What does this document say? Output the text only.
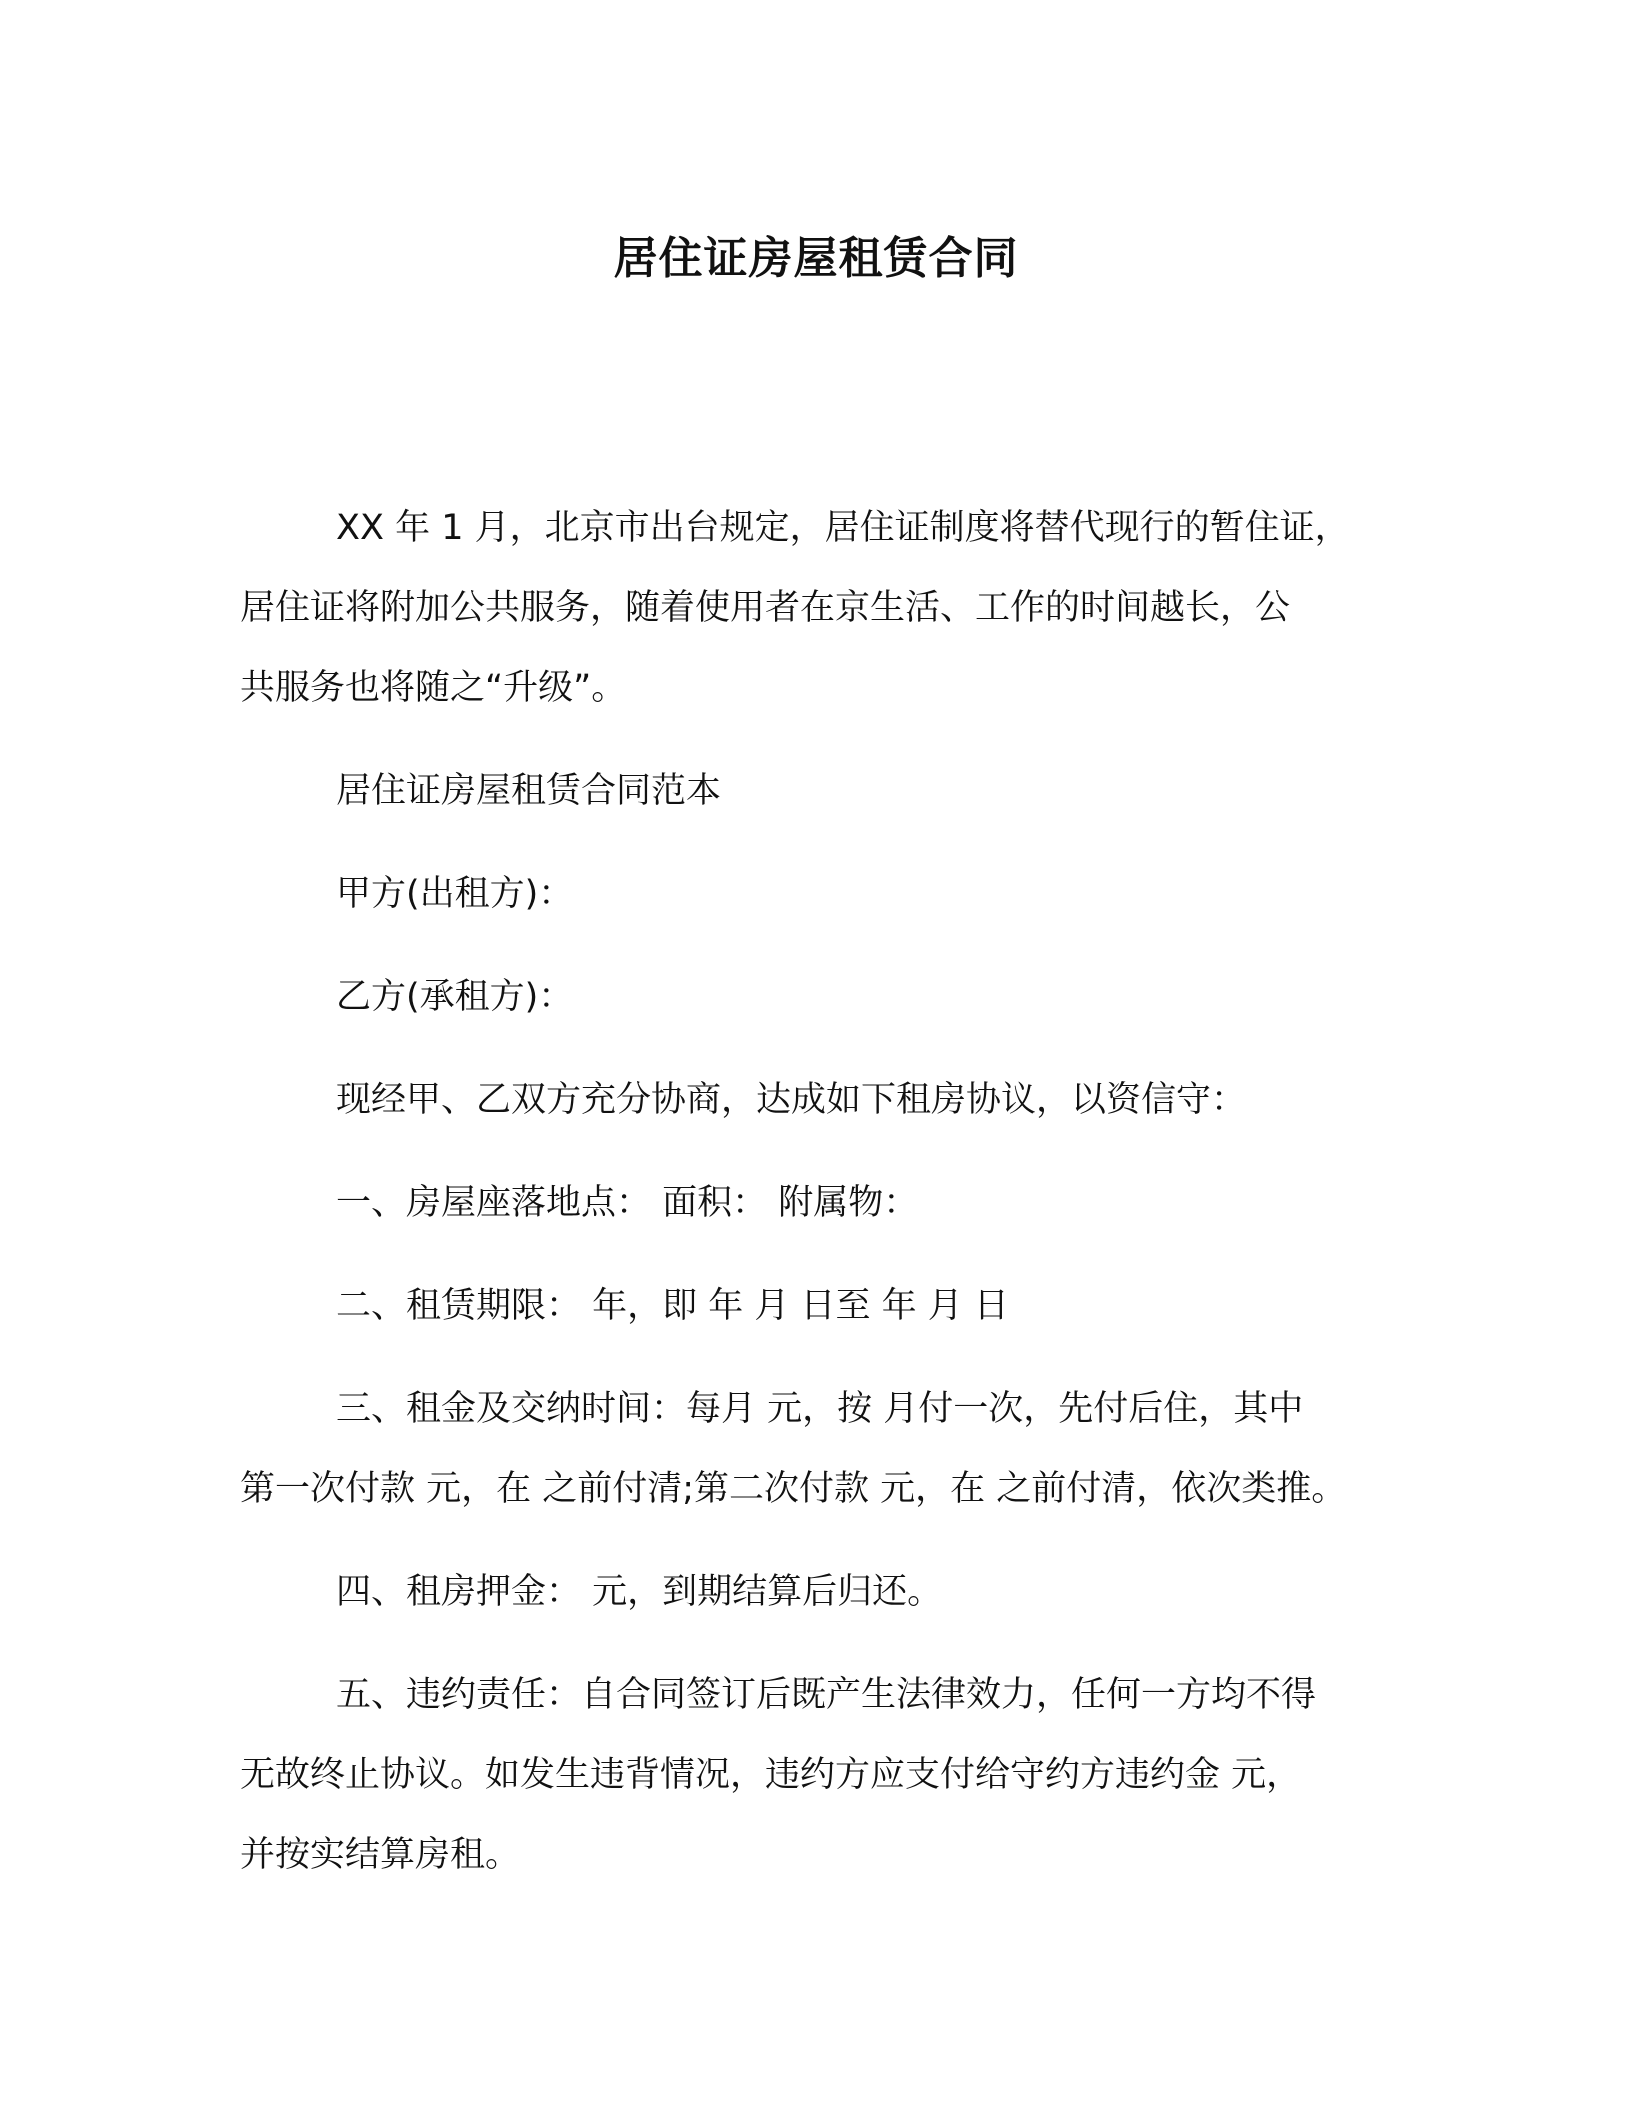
居住证房屋租赁合同
XX 年 1 月，北京市出台规定，居住证制度将替代现行的暂住证，
居住证将附加公共服务，随着使用者在京生活、工作的时间越长，公
共服务也将随之“升级”。
居住证房屋租赁合同范本
甲方(出租方)：
乙方(承租方)：
现经甲、乙双方充分协商，达成如下租房协议，以资信守：
一、房屋座落地点： 面积： 附属物：
二、租赁期限： 年，即 年 月 日至 年 月 日
三、租金及交纳时间：每月 元，按 月付一次，先付后住，其中
第一次付款 元，在 之前付清;第二次付款 元，在 之前付清，依次类推。
四、租房押金： 元，到期结算后归还。
五、违约责任：自合同签订后既产生法律效力，任何一方均不得
无故终止协议。如发生违背情况，违约方应支付给守约方违约金 元，
并按实结算房租。
